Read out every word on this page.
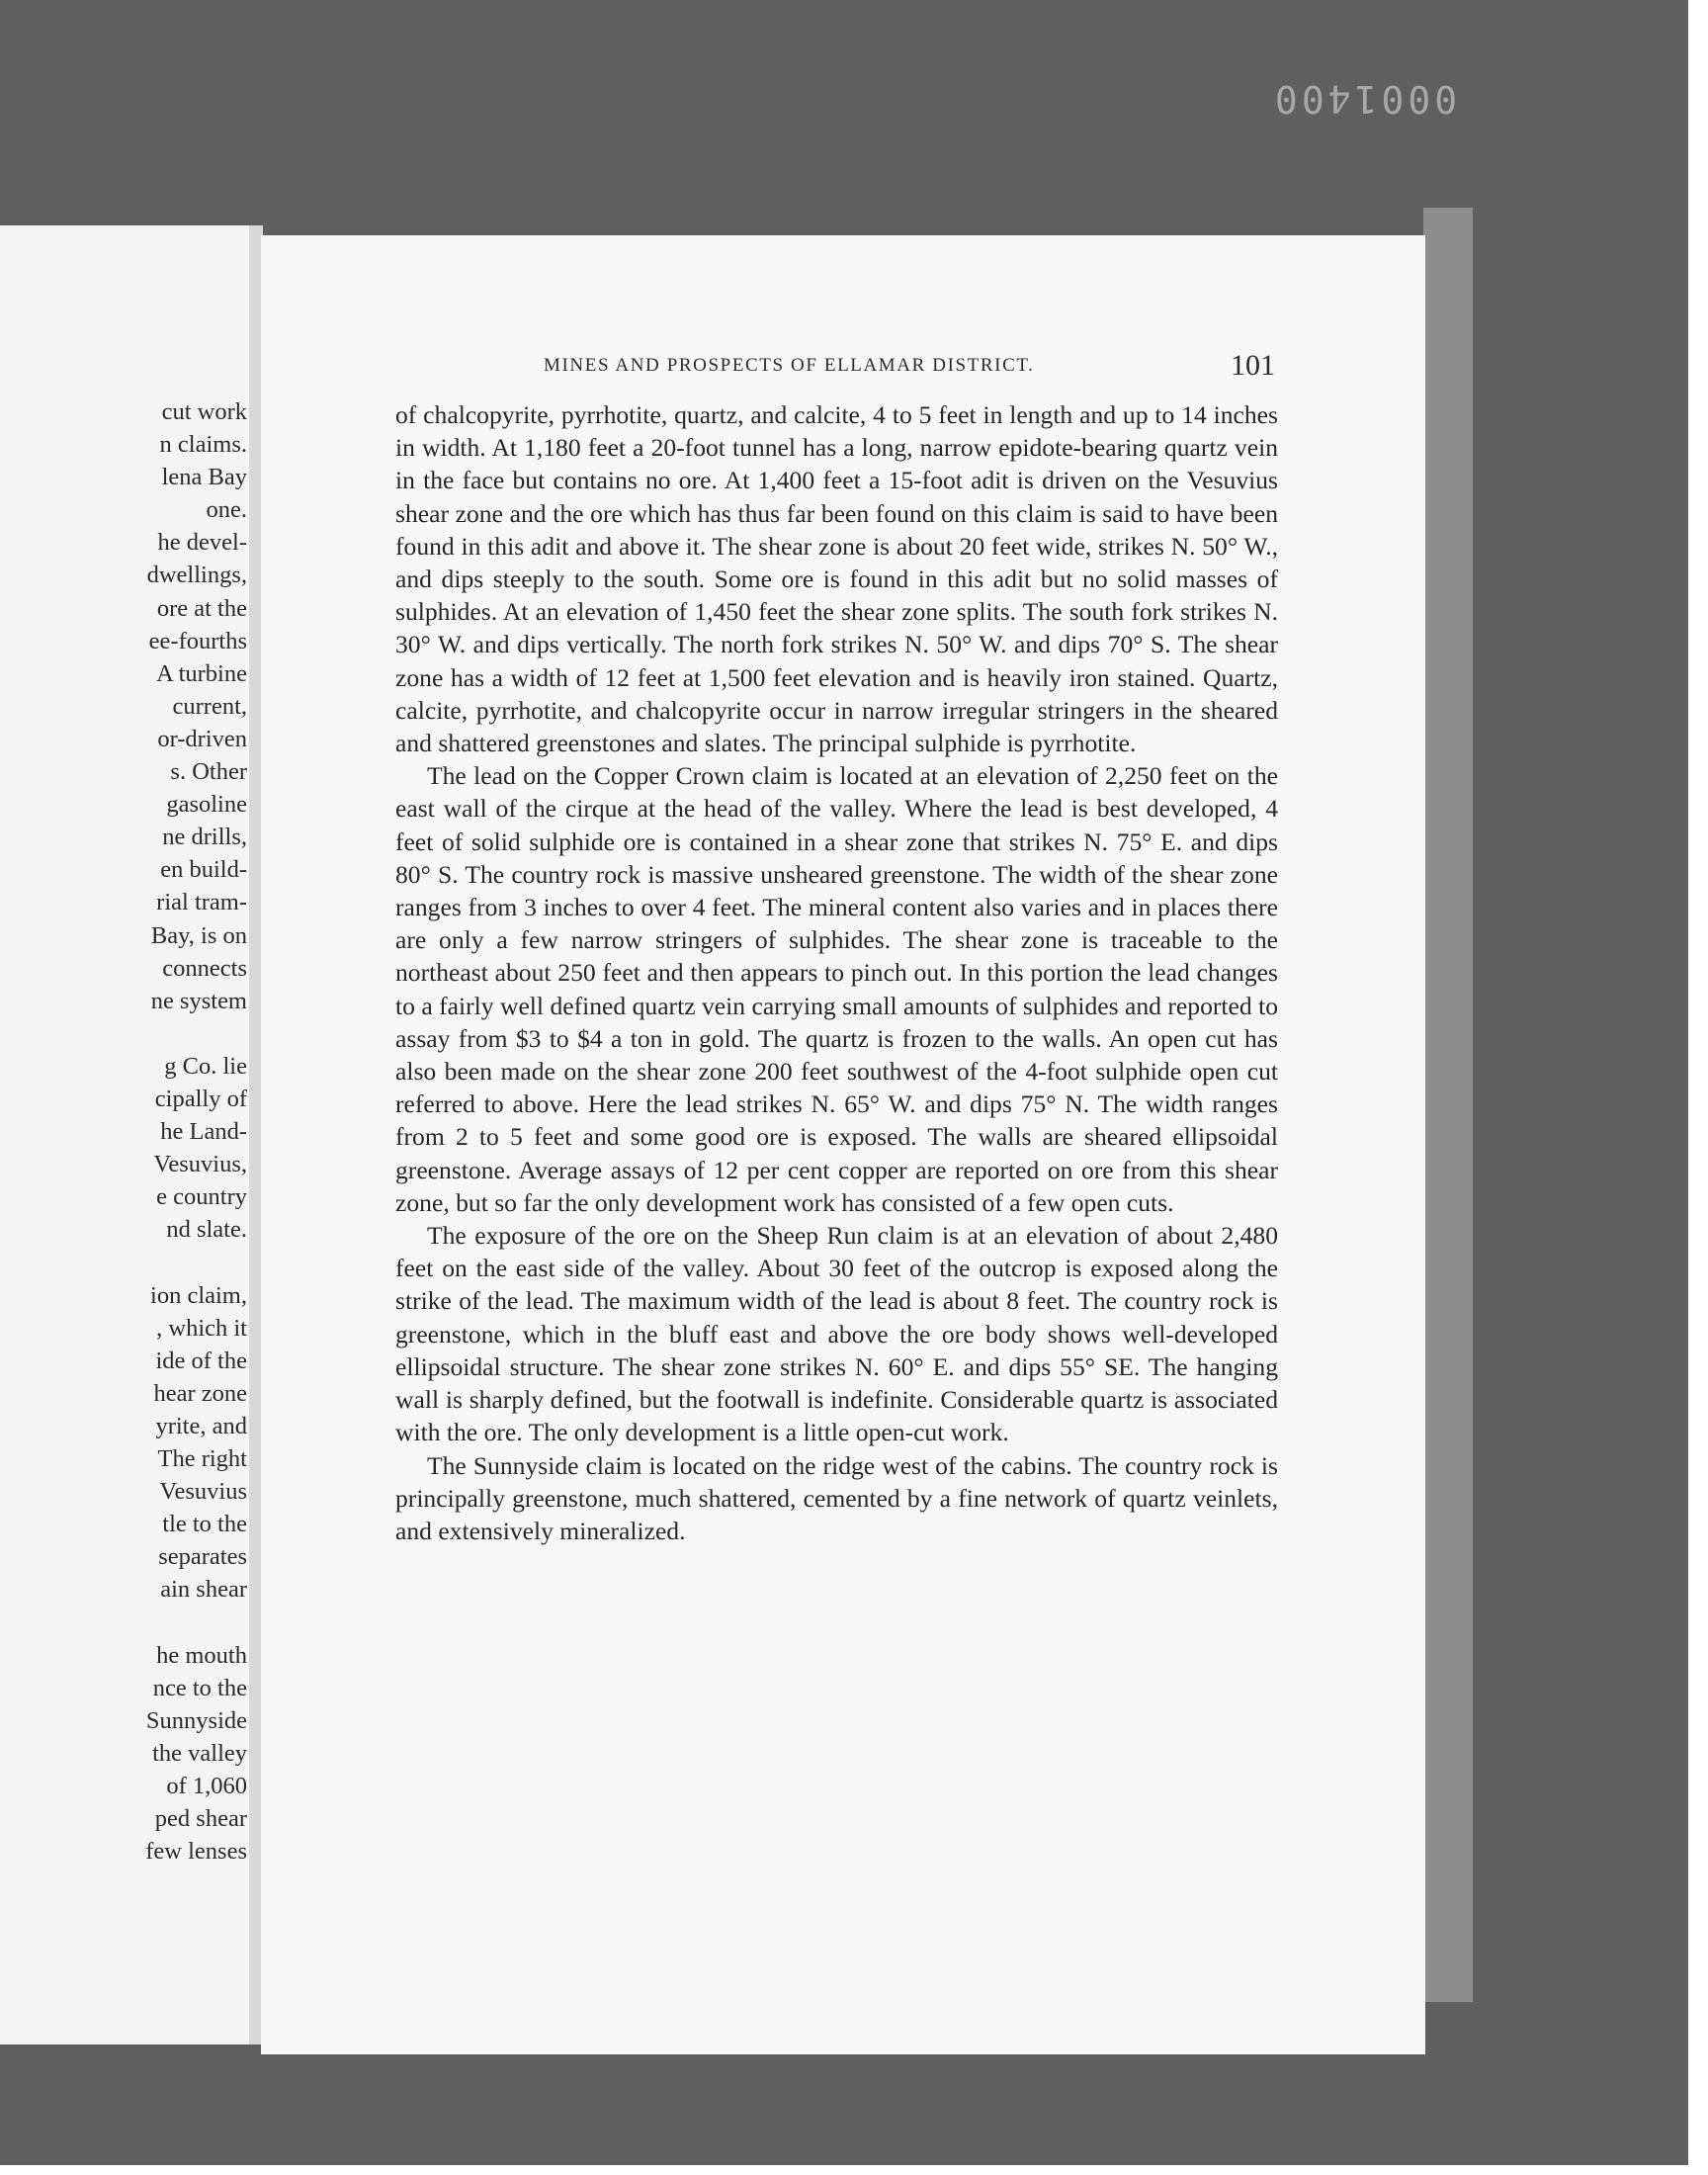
0001400
cut work
n claims.
lena Bay
one.
he devel-
dwellings,
ore at the
ee-fourths
A turbine
current,
or-driven
s. Other
gasoline
ne drills,
en build-
rial tram-
Bay, is on
connects
ne system
g Co. lie
cipally of
he Land-
Vesuvius,
e country
nd slate.
ion claim,
, which it
ide of the
hear zone
yrite, and
The right
Vesuvius
tle to the
separates
ain shear
he mouth
nce to the
Sunnyside
the valley
of 1,060
ped shear
few lenses
MINES AND PROSPECTS OF ELLAMAR DISTRICT.	101

of chalcopyrite, pyrrhotite, quartz, and calcite, 4 to 5 feet in length and up to 14 inches in width. At 1,180 feet a 20-foot tunnel has a long, narrow epidote-bearing quartz vein in the face but contains no ore. At 1,400 feet a 15-foot adit is driven on the Vesuvius shear zone and the ore which has thus far been found on this claim is said to have been found in this adit and above it. The shear zone is about 20 feet wide, strikes N. 50° W., and dips steeply to the south. Some ore is found in this adit but no solid masses of sulphides. At an elevation of 1,450 feet the shear zone splits. The south fork strikes N. 30° W. and dips vertically. The north fork strikes N. 50° W. and dips 70° S. The shear zone has a width of 12 feet at 1,500 feet elevation and is heavily iron stained. Quartz, calcite, pyrrhotite, and chalcopyrite occur in narrow irregular stringers in the sheared and shattered greenstones and slates. The principal sulphide is pyrrhotite.

The lead on the Copper Crown claim is located at an elevation of 2,250 feet on the east wall of the cirque at the head of the valley. Where the lead is best developed, 4 feet of solid sulphide ore is contained in a shear zone that strikes N. 75° E. and dips 80° S. The country rock is massive unsheared greenstone. The width of the shear zone ranges from 3 inches to over 4 feet. The mineral content also varies and in places there are only a few narrow stringers of sulphides. The shear zone is traceable to the northeast about 250 feet and then appears to pinch out. In this portion the lead changes to a fairly well defined quartz vein carrying small amounts of sulphides and reported to assay from $3 to $4 a ton in gold. The quartz is frozen to the walls. An open cut has also been made on the shear zone 200 feet southwest of the 4-foot sulphide open cut referred to above. Here the lead strikes N. 65° W. and dips 75° N. The width ranges from 2 to 5 feet and some good ore is exposed. The walls are sheared ellipsoidal greenstone. Average assays of 12 per cent copper are reported on ore from this shear zone, but so far the only development work has consisted of a few open cuts.

The exposure of the ore on the Sheep Run claim is at an elevation of about 2,480 feet on the east side of the valley. About 30 feet of the outcrop is exposed along the strike of the lead. The maximum width of the lead is about 8 feet. The country rock is greenstone, which in the bluff east and above the ore body shows well-developed ellipsoidal structure. The shear zone strikes N. 60° E. and dips 55° SE. The hanging wall is sharply defined, but the footwall is indefinite. Considerable quartz is associated with the ore. The only development is a little open-cut work.

The Sunnyside claim is located on the ridge west of the cabins. The country rock is principally greenstone, much shattered, cemented by a fine network of quartz veinlets, and extensively mineralized.
